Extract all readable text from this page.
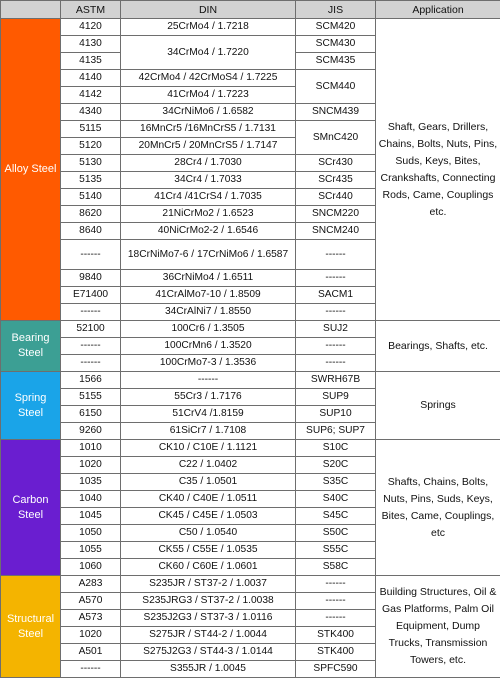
	ASTM	DIN	JIS	Application
Alloy Steel	4120	25CrMo4 / 1.7218	SCM420	Shaft, Gears, Drillers, Chains, Bolts, Nuts, Pins, Suds, Keys, Bites, Crankshafts, Connecting Rods, Came, Couplings etc.
	4130	34CrMo4 / 1.7220	SCM430	
	4135		SCM435	
	4140	42CrMo4 / 42CrMoS4 / 1.7225	SCM440	
	4142	41CrMo4 / 1.7223		
	4340	34CrNiMo6 / 1.6582	SNCM439	
	5115	16MnCr5 /16MnCrS5 / 1.7131	SMnC420	
	5120	20MnCr5 / 20MnCrS5 / 1.7147		
	5130	28Cr4 / 1.7030	SCr430	
	5135	34Cr4 / 1.7033	SCr435	
	5140	41Cr4 /41CrS4 / 1.7035	SCr440	
	8620	21NiCrMo2 / 1.6523	SNCM220	
	8640	40NiCrMo2-2 / 1.6546	SNCM240	
	------	18CrNiMo7-6 / 17CrNiMo6 / 1.6587	------	
	9840	36CrNiMo4 / 1.6511	------	
	E71400	41CrAlMo7-10 / 1.8509	SACM1	
	------	34CrAlNi7 / 1.8550	------	
Bearing Steel	52100	100Cr6 / 1.3505	SUJ2	Bearings, Shafts, etc.
	------	100CrMn6 / 1.3520	------	
	------	100CrMo7-3 / 1.3536	------	
Spring Steel	1566	------	SWRH67B	Springs
	5155	55Cr3 / 1.7176	SUP9	
	6150	51CrV4 /1.8159	SUP10	
	9260	61SiCr7 / 1.7108	SUP6; SUP7	
Carbon Steel	1010	CK10 / C10E / 1.1121	S10C	Shafts, Chains, Bolts, Nuts, Pins, Suds, Keys, Bites, Came, Couplings, etc
	1020	C22 / 1.0402	S20C	
	1035	C35 / 1.0501	S35C	
	1040	CK40 / C40E / 1.0511	S40C	
	1045	CK45 / C45E / 1.0503	S45C	
	1050	C50 / 1.0540	S50C	
	1055	CK55 / C55E / 1.0535	S55C	
	1060	CK60 / C60E / 1.0601	S58C	
Structural Steel	A283	S235JR / ST37-2 / 1.0037	------	Building Structures, Oil & Gas Platforms, Palm Oil Equipment, Dump Trucks, Transmission Towers, etc.
	A570	S235JRG3 / ST37-2 / 1.0038	------	
	A573	S235J2G3 / ST37-3 / 1.0116	------	
	1020	S275JR / ST44-2 / 1.0044	STK400	
	A501	S275J2G3 / ST44-3 / 1.0144	STK400	
	------	S355JR / 1.0045	SPFC590	
